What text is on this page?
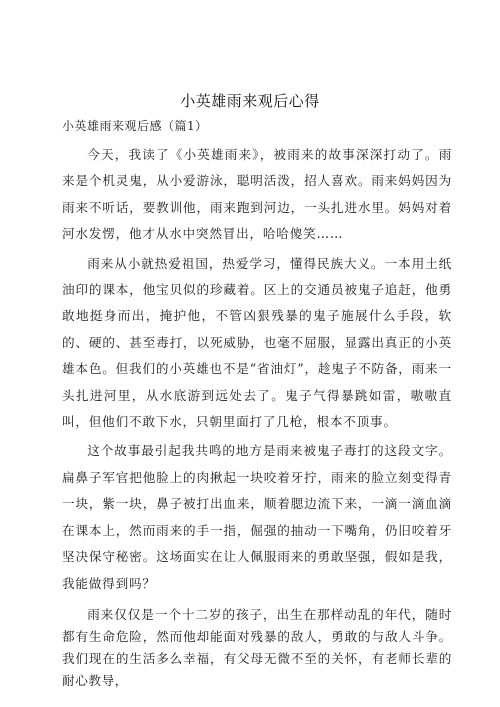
小英雄雨来观后心得
小英雄雨来观后感（篇1）

今天，我读了《小英雄雨来》，被雨来的故事深深打动了。雨来是个机灵鬼，从小爱游泳，聪明活泼，招人喜欢。雨来妈妈因为雨来不听话，要教训他，雨来跑到河边，一头扎进水里。妈妈对着河水发愣，他才从水中突然冒出，哈哈傻笑……

雨来从小就热爱祖国，热爱学习，懂得民族大义。一本用土纸油印的课本，他宝贝似的珍藏着。区上的交通员被鬼子追赶，他勇敢地挺身而出，掩护他，不管凶狠残暴的鬼子施展什么手段，软的、硬的、甚至毒打，以死威胁，也毫不屈服，显露出真正的小英雄本色。但我们的小英雄也不是“省油灯”，趁鬼子不防备，雨来一头扎进河里，从水底游到远处去了。鬼子气得暴跳如雷，嗷嗷直叫，但他们不敢下水，只朝里面打了几枪，根本不顶事。

这个故事最引起我共鸣的地方是雨来被鬼子毒打的这段文字。扁鼻子军官把他脸上的肉揪起一块咬着牙拧，雨来的脸立刻变得青一块，紫一块，鼻子被打出血来，顺着腮边流下来，一滴一滴血滴在课本上，然而雨来的手一指，倔强的抽动一下嘴角，仍旧咬着牙坚决保守秘密。这场面实在让人佩服雨来的勇敢坚强，假如是我，我能做得到吗？

雨来仅仅是一个十二岁的孩子，出生在那样动乱的年代，随时都有生命危险，然而他却能面对残暴的敌人，勇敢的与敌人斗争。我们现在的生活多么幸福，有父母无微不至的关怀，有老师长辈的耐心教导，
